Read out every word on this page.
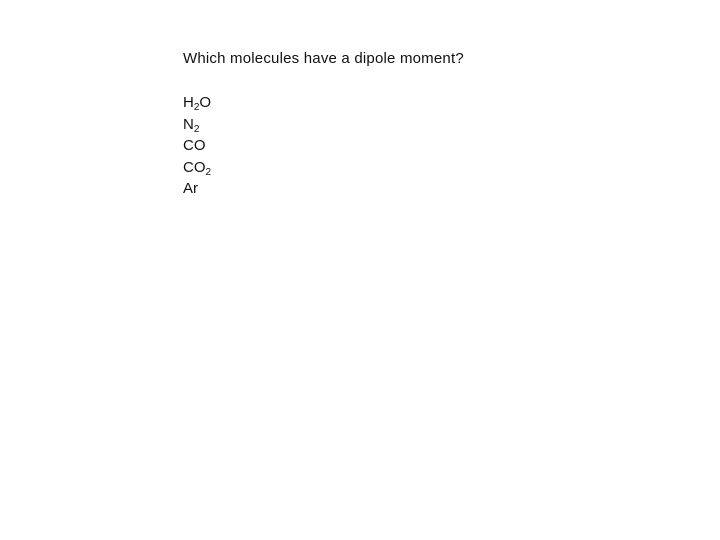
Which molecules have a dipole moment?
$H_2O$
$N_2$
CO
$CO_2$
Ar
